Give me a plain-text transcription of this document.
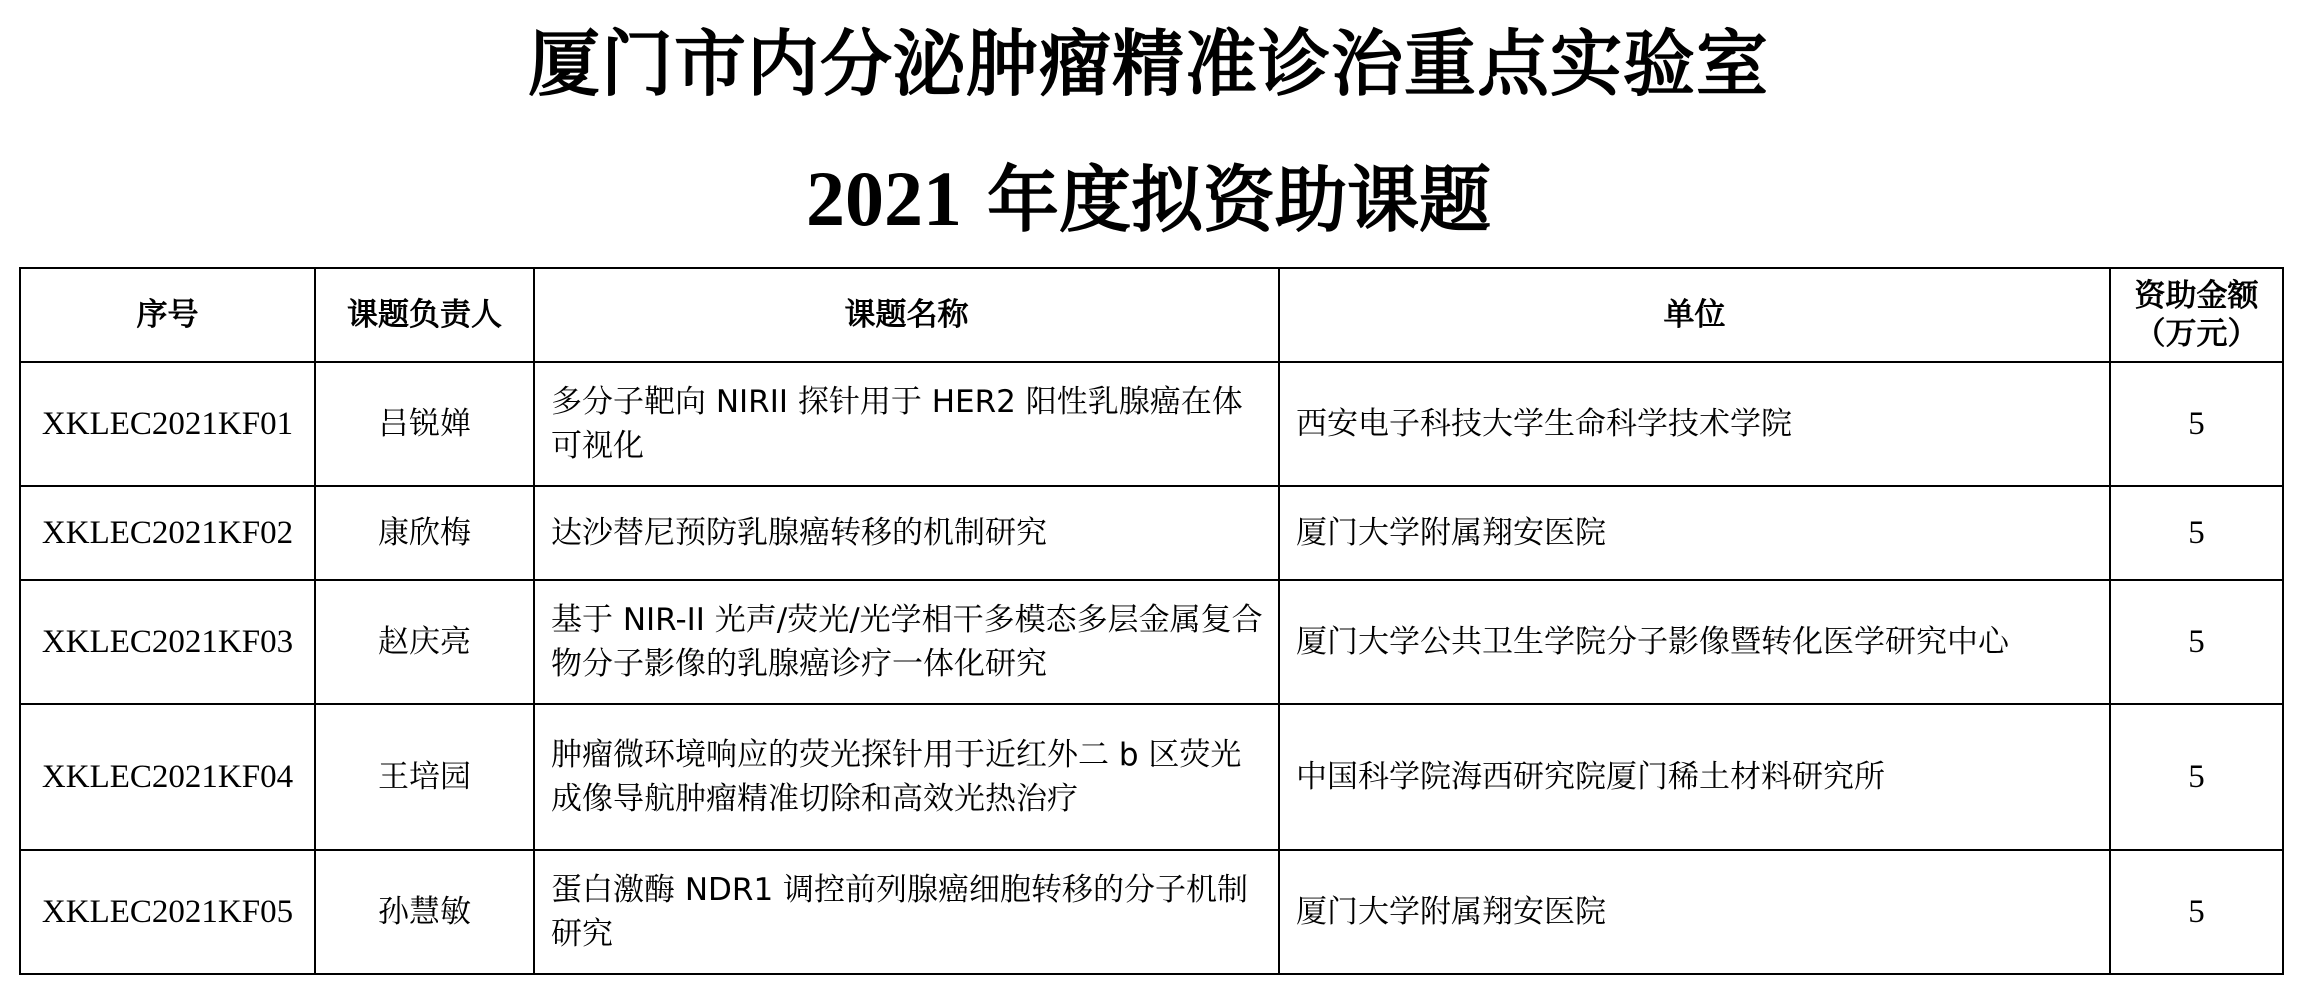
厦门市内分泌肿瘤精准诊治重点实验室
2021 年度拟资助课题
序号	课题负责人	课题名称	单位	资助金额
（万元）

XKLEC2021KF01	吕锐婵	多分子靶向 NIRII 探针用于 HER2 阳性乳腺癌在体可视化	西安电子科技大学生命科学技术学院	5
XKLEC2021KF02	康欣梅	达沙替尼预防乳腺癌转移的机制研究	厦门大学附属翔安医院	5
XKLEC2021KF03	赵庆亮	基于 NIR-II 光声/荧光/光学相干多模态多层金属复合物分子影像的乳腺癌诊疗一体化研究	厦门大学公共卫生学院分子影像暨转化医学研究中心	5
XKLEC2021KF04	王培园	肿瘤微环境响应的荧光探针用于近红外二 b 区荧光成像导航肿瘤精准切除和高效光热治疗	中国科学院海西研究院厦门稀土材料研究所	5
XKLEC2021KF05	孙慧敏	蛋白激酶 NDR1 调控前列腺癌细胞转移的分子机制研究	厦门大学附属翔安医院	5
